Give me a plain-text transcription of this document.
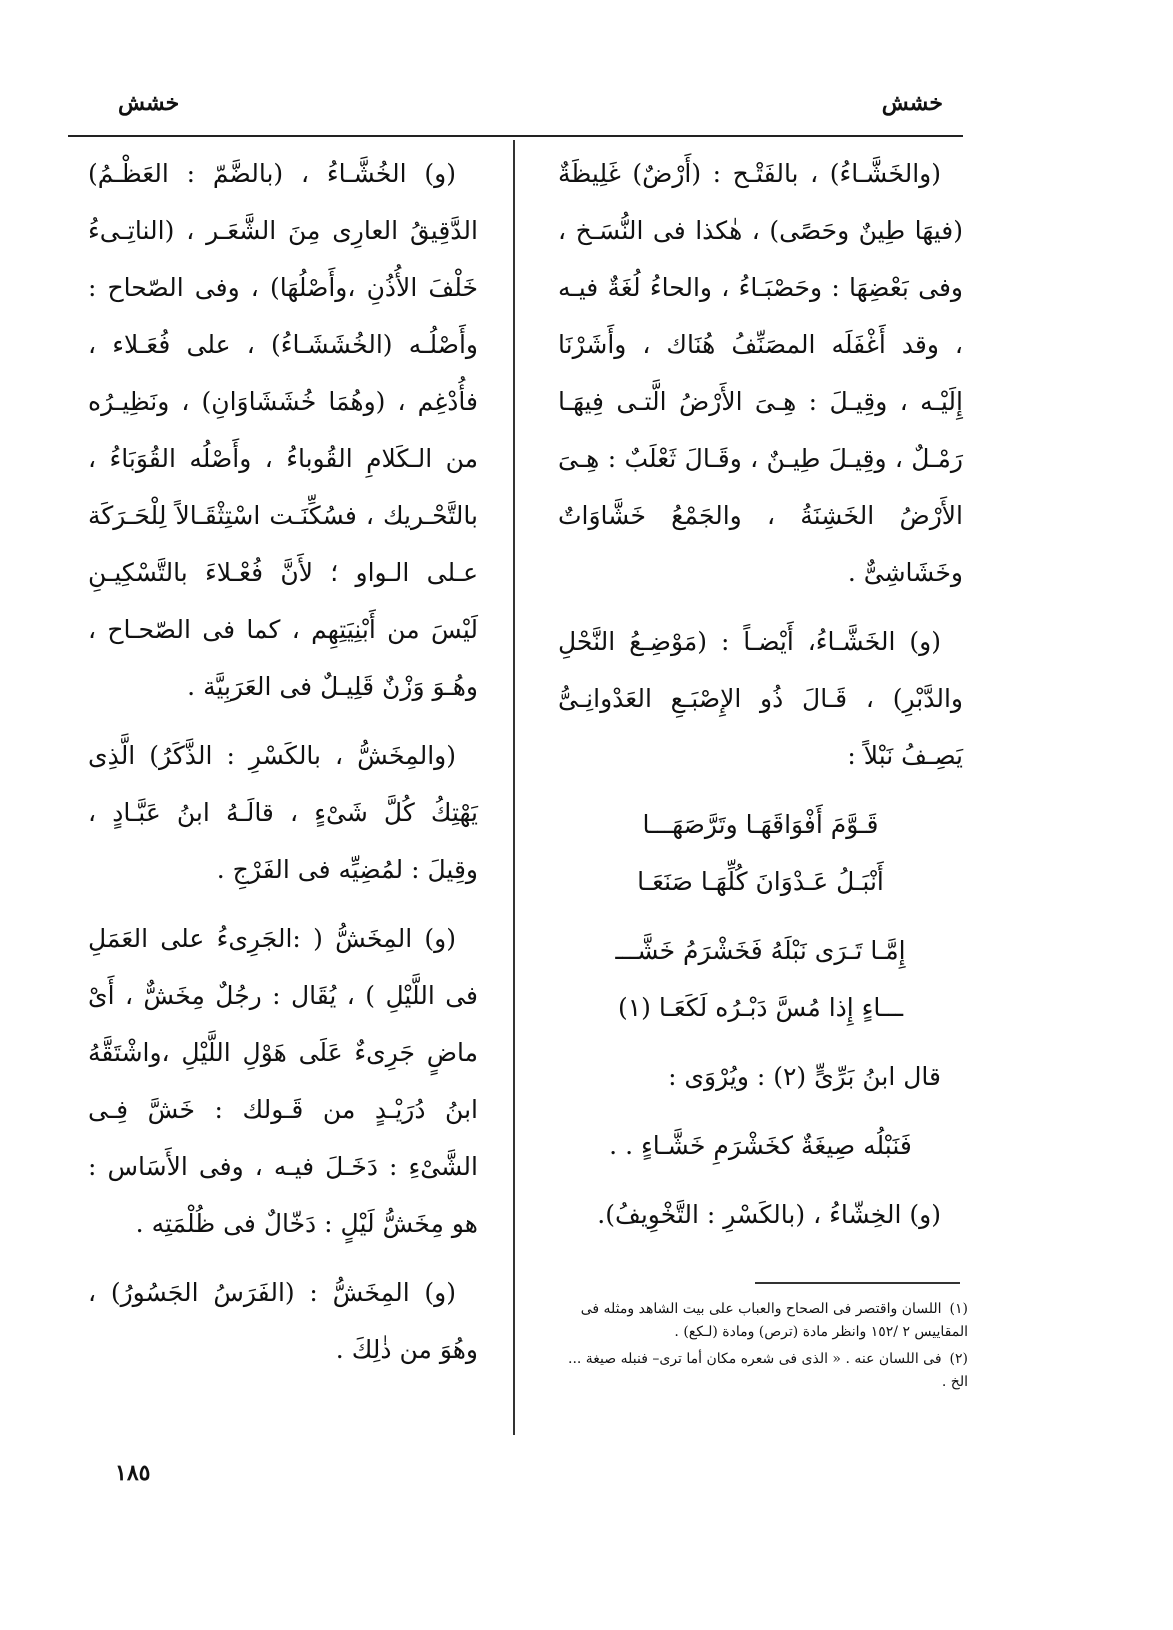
خشش
خشش

(والخَشَّـاءُ) ، بالفَتْـح : (أَرْضٌ) غَلِيظَةٌ (فيهَا طِينٌ وحَصًى) ، هٰكذا فى النُّسَـخ ، وفى بَعْضِهَا : وحَصْبَـاءُ ، والحاءُ لُغَةٌ فيـه ، وقد أَغْفَلَه المصَنِّفُ هُنَاك ، وأَشَرْنَا إِلَيْـه ، وقِيـلَ : هِـىَ الأَرْضُ الَّتـى فِيهَـا رَمْـلٌ ، وقِيـلَ طِيـنٌ ، وقَـالَ ثَعْلَبٌ : هِـىَ الأَرْضُ الخَشِنَةُ ، والجَمْعُ خَشَّاوَاتٌ وخَشَاشِىٌّ .

(و) الخَشَّـاءُ، أَيْضـاً : (مَوْضِـعُ النَّحْلِ والدَّبْرِ) ، قَـالَ ذُو الإِصْبَـعِ العَدْوانِـىُّ يَصِـفُ نَبْلاً :

قَـوَّمَ أَفْوَاقَهَـا وتَرَّصَهَـــا

أَنْبَـلُ عَـدْوَانَ كُلِّهَـا صَنَعَـا

إِمَّـا تَـرَى نَبْلَهُ فَخَشْرَمُ خَشَّـــ

ـــاءٍ إِذا مُسَّ دَبْـرُه لَكَعَـا (١)

قال ابنُ بَرِّىٍّ (٢) : ويُرْوَى :

فَنَبْلُه صِيغَةٌ كخَشْرَمِ خَشَّـاءٍ . .

(و) الخِشّاءُ ، (بالكَسْرِ : التَّخْوِيفُ).

(و) الخُشَّـاءُ ، (بالضَّمّ : العَظْـمُ) الدَّقِيقُ العارِى مِنَ الشَّعَـر ، (الناتِـىءُ خَلْفَ الأُذُنِ ،وأَصْلُهَا) ، وفى الصّحاح : وأَصْلُـه (الخُشَشَـاءُ) ، على فُعَـلاء ، فأُدْغِم ، (وهُمَا خُشَشَاوَانِ) ، ونَظِيـرُه من الـكَلامِ القُوباءُ ، وأَصْلُه القُوَبَاءُ ، بالتَّحْـريك ، فسُكِّنَـت اسْتِثْقَـالاً لِلْحَـرَكَة عـلى الـواو ؛ لأَنَّ فُعْـلاءَ بالتَّسْكِيـنِ لَيْسَ من أَبْنِيَتِهِم ، كما فى الصّحـاح ، وهُـوَ وَزْنٌ قَلِيـلٌ فى العَرَبِيَّة .

(والمِخَشُّ ، بالكَسْرِ : الذَّكَرُ) الَّذِى يَهْتِكُ كُلَّ شَىْءٍ ، قالَـهُ ابنُ عَبَّـادٍ ، وقِيلَ : لمُضِيِّه فى الفَرْجِ .

(و) المِخَشُّ ( :الجَرِىءُ على العَمَلِ فى اللَّيْلِ ) ، يُقَال : رجُلٌ مِخَشٌّ ، أَىْ ماضٍ جَرِىءٌ عَلَى هَوْلِ اللَّيْلِ ،واشْتَقَّهُ ابنُ دُرَيْـدٍ من قَـولك : خَشَّ فِـى الشَّىْءِ : دَخَـلَ فيـه ، وفى الأَسَاس : هو مِخَشُّ لَيْلٍ : دَخّالٌ فى ظُلْمَتِه .

(و) المِخَشُّ : (الفَرَسُ الجَسُورُ) ، وهُوَ من ذٰلِكَ .

(١)اللسان واقتصر فى الصحاح والعباب على بيت الشاهد ومثله فى المقاييس ٢ /١٥٢ وانظر مادة (ترص) ومادة (لـكع) .

(٢)فى اللسان عنه . « الذى فى شعره مكان أما ترى– فنبله صيغة ... الخ .

١٨٥
